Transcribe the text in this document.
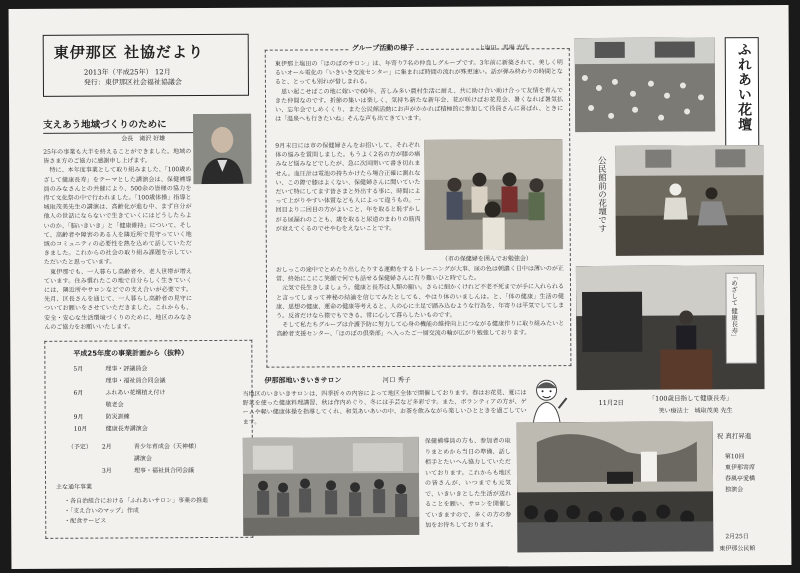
東伊那区 社協だより
2013年（平成25年） 12月
発行：東伊那区社会福祉協議会
支えあう地域づくりのために
会長　滝沢 好雄
25年の事業も大半を終えることができました。地域の皆さま方のご協力に感謝申し上げます。
　特に、本年度事業として取り組みました、「100歳めざして健康長寿」をテーマとした講演会は、保健補導員のみなさんとの共催により、500余の皆様の協力を得て文化祭の中で行われました。「100歳体操」指導と城取茂美先生の講演は、高齢化が進む中、まず自分が他人の世話にならないで生きていくにはどうしたらよいのか、「脳いきいき」と「健康維持」について、そして、高齢者や障害のある人を隣近所で見守っていく地域のコミュニティの必要性を熱を込めて話していただきました。これからの社会の取り組み課題を示していただいたと思っています。
　東伊那でも、一人暮らし高齢者や、老人世帯が増えています。住み慣れたこの地で自分らしく生きていくには、隣近所やサロンなどでの支え合いが必要です。先月、区長さんを通じて、一人暮らし高齢者の見守についてお願いをさせていただきました。これからも、安全・安心な生活環境づくりのために、地区のみなさんのご協力をお願いいたします。
平成25年度の事業計画から（抜粋）
5月	理事・評議員会
理事・福祉員合同会議
6月	ふれあい花壇植え付け
敬老会
9月	防災訓練
10月	健康長寿講演会
（予定）	2月	青少年育成会（天神様）
講演会
3月	理事・福祉員合同会議
主な通年事業
・各自治組合における「ふれあいサロン」事業の推進
・「支え合いのマップ」作成
・配食サービス
グループ活動の様子	上塩田　馬場 光代
東伊那上塩田の「ほのぼのサロン」は、年寄り7名の仲良しグループです。3年前に新築されて、美しく明るいオール電化の「いきいき交流センター」に集まれば時間の流れが殊更速い。話が弾み終わりの時間となると、とっても別れが惜しまれる。
　思い起こせばこの地に嫁いで60年、苦しみ多い農村生活に耐え、共に助け合い助け合って友情を育んできた仲間なのです。折節の集いは楽しく、気持ち新たな新年会、花が咲けばお花見会、暑くなれば暑気払い、忘年会でしめくくり、また公民館活動にお声がかかれば積極的に参加して役員さんに喜ばれ、ときには「温泉へも行きたいね」そんな声も出てきています。
9月末日には市の保健婦さんをお招いして、それぞれ体の悩みを質問しました。もうよく2名の方が膝の痛みなど悩みなどでしたが、急に次回開いて書き切れません。血圧計は電池の持ちかけたら場合正確に測れない、この際で膝はよくない、保健婦さんに聞いていただいて特にしてます皆さまと外出する事に、時間によって上がりやすい体質なども人によって違うもの。一回目より二回目の方がよいこと、年を取ると恥ずかしがる尿漏れのことも、歳を取ると尿道のまわりの筋肉が衰えてくるのでせやむをえないことです。
（市の保健婦を囲んでお勉強会）
おしっこの途中でとめたり出したりする運動をするトレーニングが大事、尿の色は朝濃く日中は薄いのが正常、終始にこにこ笑顔で何でも話せる保健婦さんに有り難いひと時でした。
　元気で長生きしましょう。健康と長寿は人類の願い。さらに細かくけれど不老不死までが手に入れられると言ってしまって神秘の結論を信じてみたとしても、やはり体のいましんは。と、「体の健康」生活の健康、思想の健康、運命の健康等考えると、人の心に土足で踏み込むような行為を、年寄りは平気でしてしまう。反省だけなら猿でもできる。常に心して暮らしたいものです。
　そして私たちグループは介護予防に努力して心身の機能の維持向上につながる健康作りに取り組みたいと高齢者支援センター、「ほのぼの倶楽部」へ入ったご一層交流の輪が広がり勉強しております。
伊那部地いきいきサロン	河口 秀子
当地区のいきいきサロンは、四季折々の内容によって地区全体で開催しております。春はお花見、夏には野菜を使った健康料理講習、秋は作内めぐり、冬には手芸など多彩です。また、ボランティアの方が、ゲームや軽い健康体操を指導してくれ、和気あいあいの中、お茶を飲みながら楽しいひとときを過ごしています。
保健補導員の方も、参加者の取りまとめから当日の準備、話し相手とたいへん協力していただいております。これからも地区の皆さんが、いつまでも元気で、いきいきとした生活が送れることを願い、サロンを開催していきますので、多くの方の参加をお待ちしております。
ふれあい花壇
公民館前の花壇です
「めざして 健康長寿」
11月2日
「100歳目指して健康長寿」
笑い療法士　城取茂美 先生
祝 真打昇進
第10回
東伊那寄席
春風亭愛橋
独演会
2月25日
東伊那公民館
